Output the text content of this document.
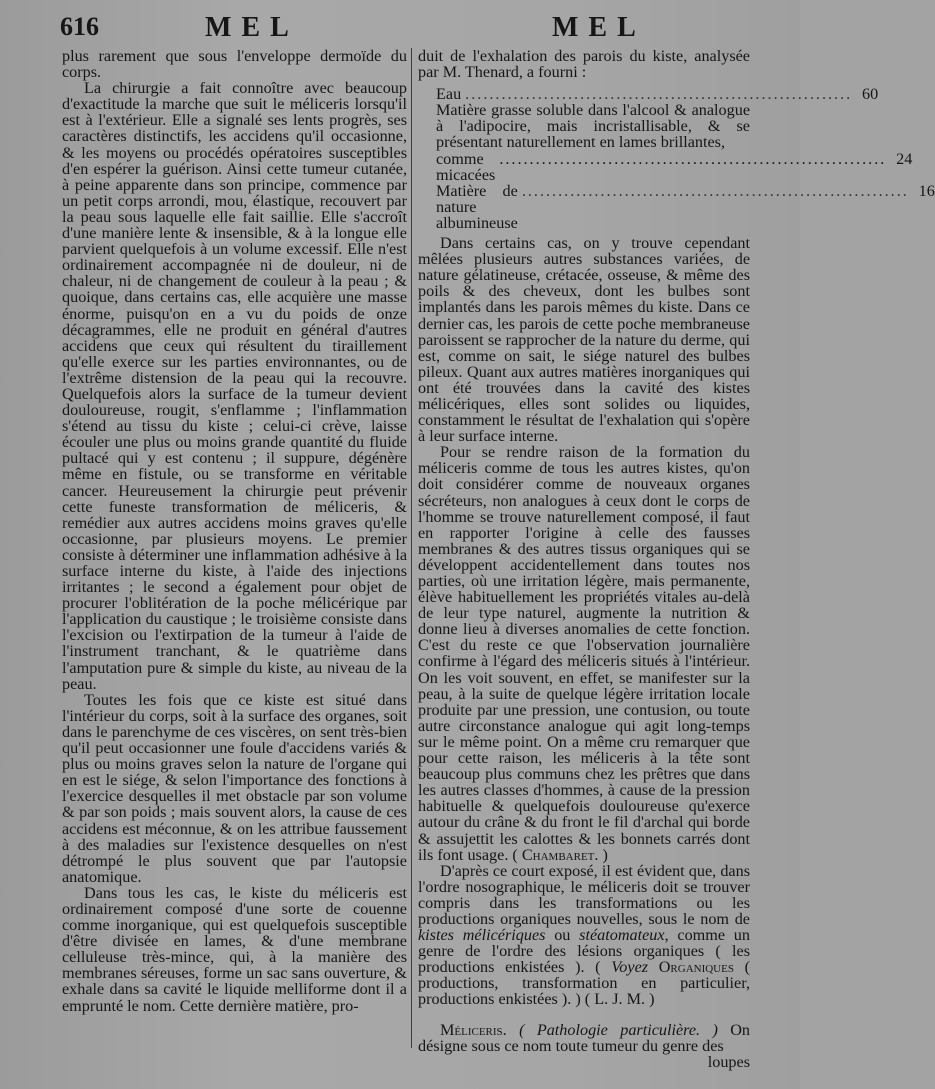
616	MEL	MEL

plus rarement que sous l'enveloppe dermoïde du corps.

La chirurgie a fait connoître avec beaucoup d'exactitude la marche que suit le méliceris lorsqu'il est à l'extérieur. Elle a signalé ses lents progrès, ses caractères distinctifs, les accidens qu'il occasionne, & les moyens ou procédés opératoires susceptibles d'en espérer la guérison. Ainsi cette tumeur cutanée, à peine apparente dans son principe, commence par un petit corps arrondi, mou, élastique, recouvert par la peau sous laquelle elle fait saillie. Elle s'accroît d'une manière lente & insensible, & à la longue elle parvient quelquefois à un volume excessif. Elle n'est ordinairement accompagnée ni de douleur, ni de chaleur, ni de changement de couleur à la peau ; & quoique, dans certains cas, elle acquière une masse énorme, puisqu'on en a vu du poids de onze décagrammes, elle ne produit en général d'autres accidens que ceux qui résultent du tiraillement qu'elle exerce sur les parties environnantes, ou de l'extrême distension de la peau qui la recouvre. Quelquefois alors la surface de la tumeur devient douloureuse, rougit, s'enflamme ; l'inflammation s'étend au tissu du kiste ; celui-ci crève, laisse écouler une plus ou moins grande quantité du fluide pultacé qui y est contenu ; il suppure, dégénère même en fistule, ou se transforme en véritable cancer. Heureusement la chirurgie peut prévenir cette funeste transformation de méliceris, & remédier aux autres accidens moins graves qu'elle occasionne, par plusieurs moyens. Le premier consiste à déterminer une inflammation adhésive à la surface interne du kiste, à l'aide des injections irritantes ; le second a également pour objet de procurer l'oblitération de la poche mélicérique par l'application du caustique ; le troisième consiste dans l'excision ou l'extirpation de la tumeur à l'aide de l'instrument tranchant, & le quatrième dans l'amputation pure & simple du kiste, au niveau de la peau.

Toutes les fois que ce kiste est situé dans l'intérieur du corps, soit à la surface des organes, soit dans le parenchyme de ces viscères, on sent très-bien qu'il peut occasionner une foule d'accidens variés & plus ou moins graves selon la nature de l'organe qui en est le siége, & selon l'importance des fonctions à l'exercice desquelles il met obstacle par son volume & par son poids ; mais souvent alors, la cause de ces accidens est méconnue, & on les attribue faussement à des maladies sur l'existence desquelles on n'est détrompé le plus souvent que par l'autopsie anatomique.

Dans tous les cas, le kiste du méliceris est ordinairement composé d'une sorte de couenne comme inorganique, qui est quelquefois susceptible d'être divisée en lames, & d'une membrane celluleuse très-mince, qui, à la manière des membranes séreuses, forme un sac sans ouverture, & exhale dans sa cavité le liquide melliforme dont il a emprunté le nom. Cette dernière matière, pro-

duit de l'exhalation des parois du kiste, analysée par M. Thenard, a fourni :

Eau ................................................................ 60
Matière grasse soluble dans l'alcool & analogue à l'adipocire, mais incristallisable, & se présentant naturellement en lames brillantes,
comme micacées
................................................................ 24
Matière de nature albumineuse
................................................................ 16

Dans certains cas, on y trouve cependant mêlées plusieurs autres substances variées, de nature gélatineuse, crétacée, osseuse, & même des poils & des cheveux, dont les bulbes sont implantés dans les parois mêmes du kiste. Dans ce dernier cas, les parois de cette poche membraneuse paroissent se rapprocher de la nature du derme, qui est, comme on sait, le siége naturel des bulbes pileux. Quant aux autres matières inorganiques qui ont été trouvées dans la cavité des kistes mélicériques, elles sont solides ou liquides, constamment le résultat de l'exhalation qui s'opère à leur surface interne.

Pour se rendre raison de la formation du méliceris comme de tous les autres kistes, qu'on doit considérer comme de nouveaux organes sécréteurs, non analogues à ceux dont le corps de l'homme se trouve naturellement composé, il faut en rapporter l'origine à celle des fausses membranes & des autres tissus organiques qui se développent accidentellement dans toutes nos parties, où une irritation légère, mais permanente, élève habituellement les propriétés vitales au-delà de leur type naturel, augmente la nutrition & donne lieu à diverses anomalies de cette fonction. C'est du reste ce que l'observation journalière confirme à l'égard des méliceris situés à l'intérieur. On les voit souvent, en effet, se manifester sur la peau, à la suite de quelque légère irritation locale produite par une pression, une contusion, ou toute autre circonstance analogue qui agit long-temps sur le même point. On a même cru remarquer que pour cette raison, les méliceris à la tête sont beaucoup plus communs chez les prêtres que dans les autres classes d'hommes, à cause de la pression habituelle & quelquefois douloureuse qu'exerce autour du crâne & du front le fil d'archal qui borde & assujettit les calottes & les bonnets carrés dont ils font usage. ( Chambaret. )

D'après ce court exposé, il est évident que, dans l'ordre nosographique, le méliceris doit se trouver compris dans les transformations ou les productions organiques nouvelles, sous le nom de kistes mélicériques ou stéatomateux, comme un genre de l'ordre des lésions organiques ( les productions enkistées ). ( Voyez Organiques ( productions, transformation en particulier, productions enkistées ). ) ( L. J. M. )

Méliceris. ( Pathologie particulière. ) On désigne sous ce nom toute tumeur du genre des

loupes
